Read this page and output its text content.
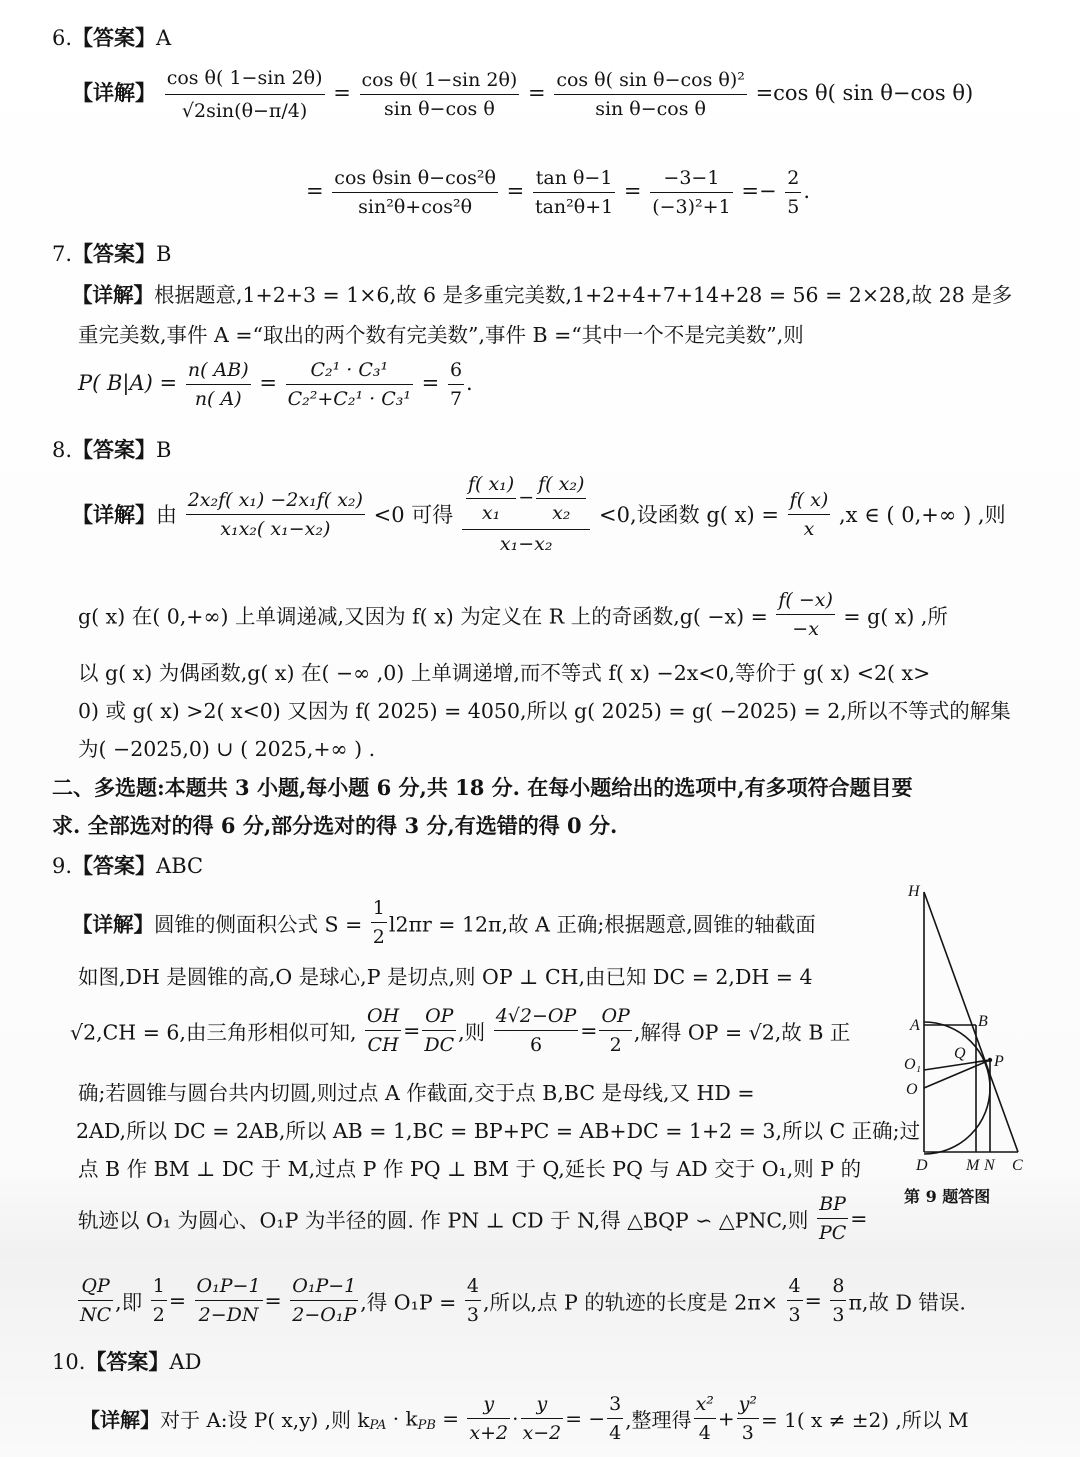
6.【答案】A
【详解】 $\frac{\text{cos θ( 1−sin 2θ)}}{√2\sin(\theta-\pi/4)} = \frac{\text{cos θ( 1−sin 2θ)}}{\text{sin θ−cos θ}} = \frac{\text{cos θ( sin θ−cos θ)²}}{\text{sin θ−cos θ}} =\cos$ θ( sin θ−cos θ)
= $\frac{\text{cos θsin θ−cos²θ}}{\text{sin²θ+cos²θ}} = \frac{\text{tan θ−1}}{\text{tan²θ+1}} = \frac{-3-1}{\text{(−3)²+1}} =- \frac{2}{5}$ .
7.【答案】B
【详解】根据题意,1+2+3 = 1×6,故 6 是多重完美数,1+2+4+7+14+28 = 56 = 2×28,故 28 是多
重完美数,事件 A =“取出的两个数有完美数”,事件 B =“其中一个不是完美数”,则
P( $B|A) = \frac{n( AB)}{n( A)} = \frac{\text{C₂¹ · C₃¹}}{\text{C₂²+C₂¹ · C₃¹}} = \frac{6}{7}$ .
8.【答案】B
【详解】由 $\frac{\text{2x₂f( x₁) −2x₁f( x₂)}}{\text{x₁x₂( x₁−x₂)}} <0$ 可得 $\frac{\frac{\text{f( x₁)}}{\text{x₁}} - \frac{\text{f( x₂)}}{\text{x₂}}}{\text{x₁−x₂}} <0$,设函数 g( $x) = \frac{f( x)}{x} ,x$ ∈ ( 0,+∞ ) ,则
g( x) 在( 0,+∞) 上单调递减,又因为 f( x) 为定义在 R 上的奇函数$,g( -x) = \frac{f( -x)}{-x} = g$( x) ,所
以 g( x) 为偶函数,g( x) 在( −∞ ,0) 上单调递增,而不等式 f( x) −2x<0,等价于 g( x) <2( x>
0) 或 g( x) >2( x<0) 又因为 f( 2025) = 4050,所以 g( 2025) = g( −2025) = 2,所以不等式的解集
为( −2025,0) ∪ ( 2025,+∞ ) .
二、多选题:本题共 3 小题,每小题 6 分,共 18 分. 在每小题给出的选项中,有多项符合题目要
求. 全部选对的得 6 分,部分选对的得 3 分,有选错的得 0 分.
9.【答案】ABC
【详解】圆锥的侧面积公式 $S = \frac{1}{2} l2\pi r = 12\pi$,故 A 正确;根据题意,圆锥的轴截面
如图,DH 是圆锥的高,O 是球心,P 是切点,则 OP ⊥ CH,由已知 DC = 2,DH = 4
√2,CH = 6,由三角形相似可知, $\frac{OH}{CH} = \frac{OP}{DC}$ ,则 $\frac{4√2-OP}{6} = \frac{OP}{2}$ ,解得 OP = √2,故 B 正
确;若圆锥与圆台共内切圆,则过点 A 作截面,交于点 B,BC 是母线,又 HD =
2AD,所以 DC = 2AB,所以 AB = 1,BC = BP+PC = AB+DC = 1+2 = 3,所以 C 正确;过
点 B 作 BM ⊥ DC 于 M,过点 P 作 PQ ⊥ BM 于 Q,延长 PQ 与 AD 交于 O₁,则 P 的
轨迹以 O₁ 为圆心、O₁P 为半径的圆. 作 PN ⊥ CD 于 N,得 △BQP ∽ △PNC,则 $\frac{BP}{PC}$ =
$\frac{QP}{NC}$ ,即 $\frac{1}{2} = \frac{\text{O₁P−1}}{2-DN} = \frac{\text{O₁P−1}}{\text{2−O₁P}}$ ,得 $O_1P = \frac{4}{3}$ ,所以,点 P 的轨迹的长度是 $2\pi\times \frac{4}{3} = \frac{8}{3} \pi$,故 D 错误.
H
A	B
O₁
Q P
O
D M N C
第 9 题答图
10.【答案】AD
【详解】对于 A:设 P( x,y) ,则 $k_{PA} \cdot k_{PB} = \frac{y}{x+2} \cdot \frac{y}{x-2}$ = − $\frac{3}{4}$ ,整理得 $\frac{\text{x²}}{4} + \frac{\text{y²}}{3} = 1$( x ≠ ±2) ,所以 M
